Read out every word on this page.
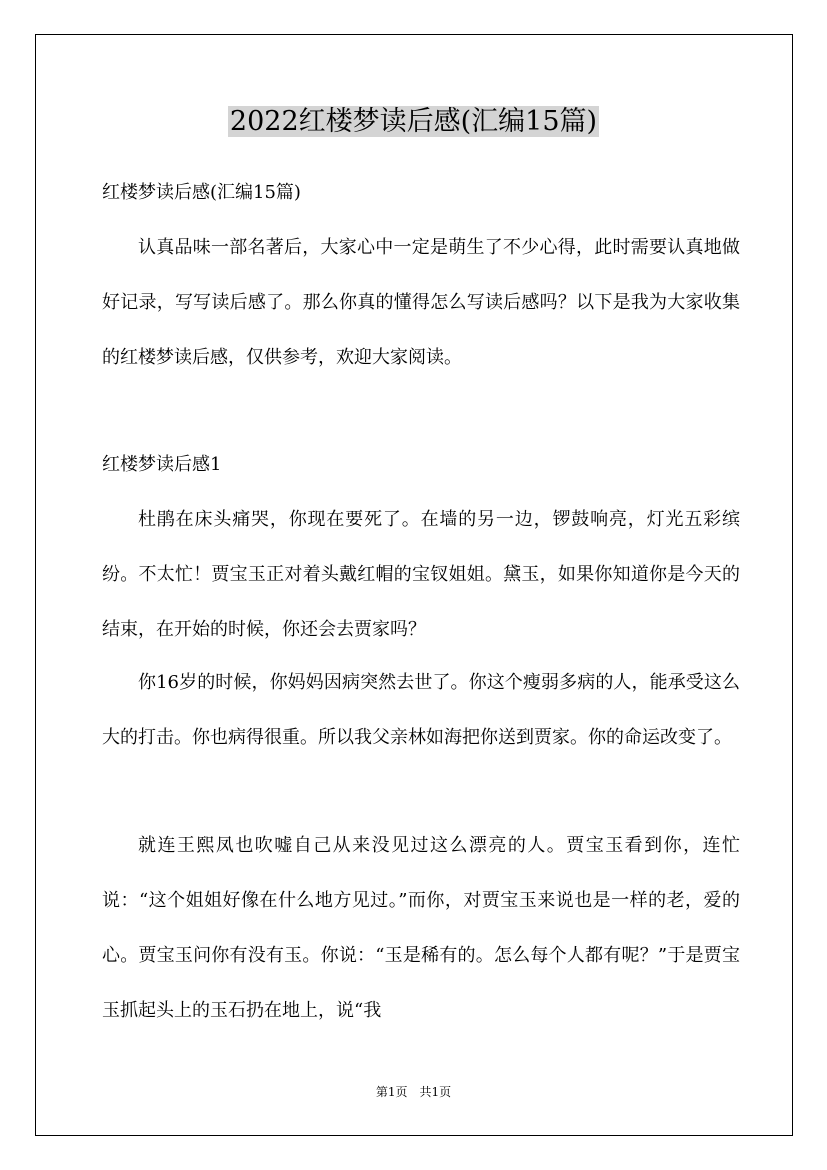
2022红楼梦读后感(汇编15篇)
红楼梦读后感(汇编15篇)

认真品味一部名著后，大家心中一定是萌生了不少心得，此时需要认真地做好记录，写写读后感了。那么你真的懂得怎么写读后感吗？以下是我为大家收集的红楼梦读后感，仅供参考，欢迎大家阅读。

红楼梦读后感1

杜鹃在床头痛哭，你现在要死了。在墙的另一边，锣鼓响亮，灯光五彩缤纷。不太忙！贾宝玉正对着头戴红帽的宝钗姐姐。黛玉，如果你知道你是今天的结束，在开始的时候，你还会去贾家吗？

你16岁的时候，你妈妈因病突然去世了。你这个瘦弱多病的人，能承受这么大的打击。你也病得很重。所以我父亲林如海把你送到贾家。你的命运改变了。

就连王熙凤也吹嘘自己从来没见过这么漂亮的人。贾宝玉看到你，连忙说：“这个姐姐好像在什么地方见过。”而你，对贾宝玉来说也是一样的老，爱的心。贾宝玉问你有没有玉。你说：“玉是稀有的。怎么每个人都有呢？”于是贾宝玉抓起头上的玉石扔在地上，说“我

第1页　共1页
